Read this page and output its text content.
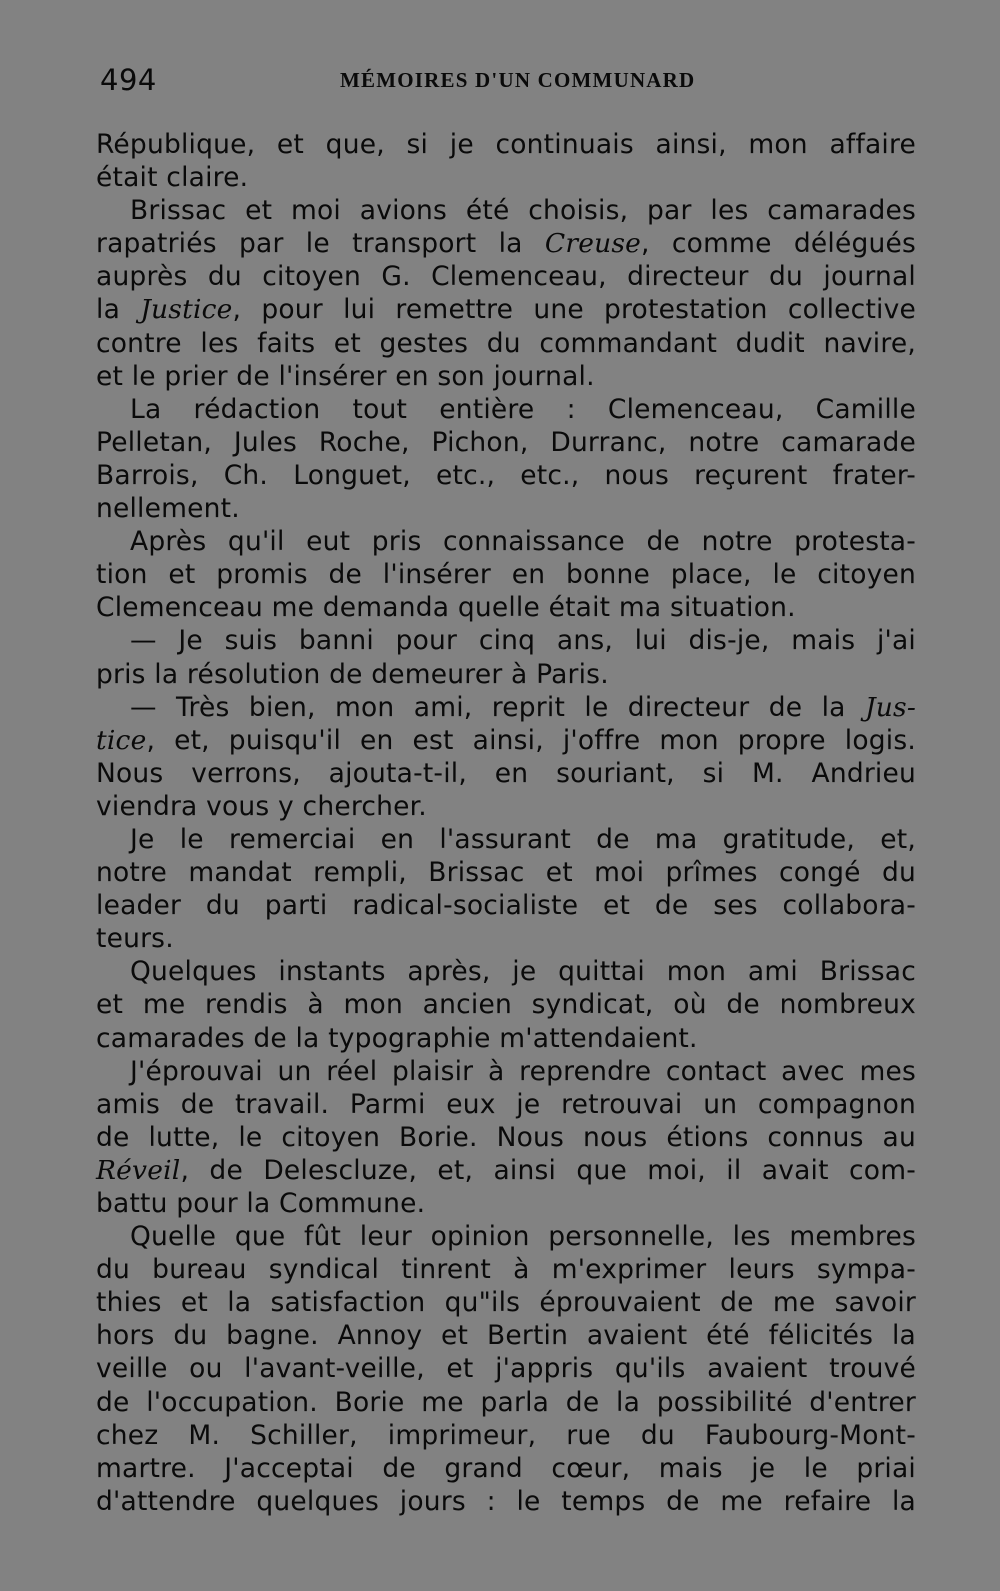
494	MÉMOIRES D'UN COMMUNARD
République, et que, si je continuais ainsi, mon affaire
était claire.
Brissac et moi avions été choisis, par les camarades
rapatriés par le transport la Creuse, comme délégués
auprès du citoyen G. Clemenceau, directeur du journal
la Justice, pour lui remettre une protestation collective
contre les faits et gestes du commandant dudit navire,
et le prier de l'insérer en son journal.
La rédaction tout entière : Clemenceau, Camille
Pelletan, Jules Roche, Pichon, Durranc, notre camarade
Barrois, Ch. Longuet, etc., etc., nous reçurent frater-
nellement.
Après qu'il eut pris connaissance de notre protesta-
tion et promis de l'insérer en bonne place, le citoyen
Clemenceau me demanda quelle était ma situation.
— Je suis banni pour cinq ans, lui dis-je, mais j'ai
pris la résolution de demeurer à Paris.
— Très bien, mon ami, reprit le directeur de la Jus-
tice, et, puisqu'il en est ainsi, j'offre mon propre logis.
Nous verrons, ajouta-t-il, en souriant, si M. Andrieu
viendra vous y chercher.
Je le remerciai en l'assurant de ma gratitude, et,
notre mandat rempli, Brissac et moi prîmes congé du
leader du parti radical-socialiste et de ses collabora-
teurs.
Quelques instants après, je quittai mon ami Brissac
et me rendis à mon ancien syndicat, où de nombreux
camarades de la typographie m'attendaient.
J'éprouvai un réel plaisir à reprendre contact avec mes
amis de travail. Parmi eux je retrouvai un compagnon
de lutte, le citoyen Borie. Nous nous étions connus au
Réveil, de Delescluze, et, ainsi que moi, il avait com-
battu pour la Commune.
Quelle que fût leur opinion personnelle, les membres
du bureau syndical tinrent à m'exprimer leurs sympa-
thies et la satisfaction qu"ils éprouvaient de me savoir
hors du bagne. Annoy et Bertin avaient été félicités la
veille ou l'avant-veille, et j'appris qu'ils avaient trouvé
de l'occupation. Borie me parla de la possibilité d'entrer
chez M. Schiller, imprimeur, rue du Faubourg-Mont-
martre. J'acceptai de grand cœur, mais je le priai
d'attendre quelques jours : le temps de me refaire la
